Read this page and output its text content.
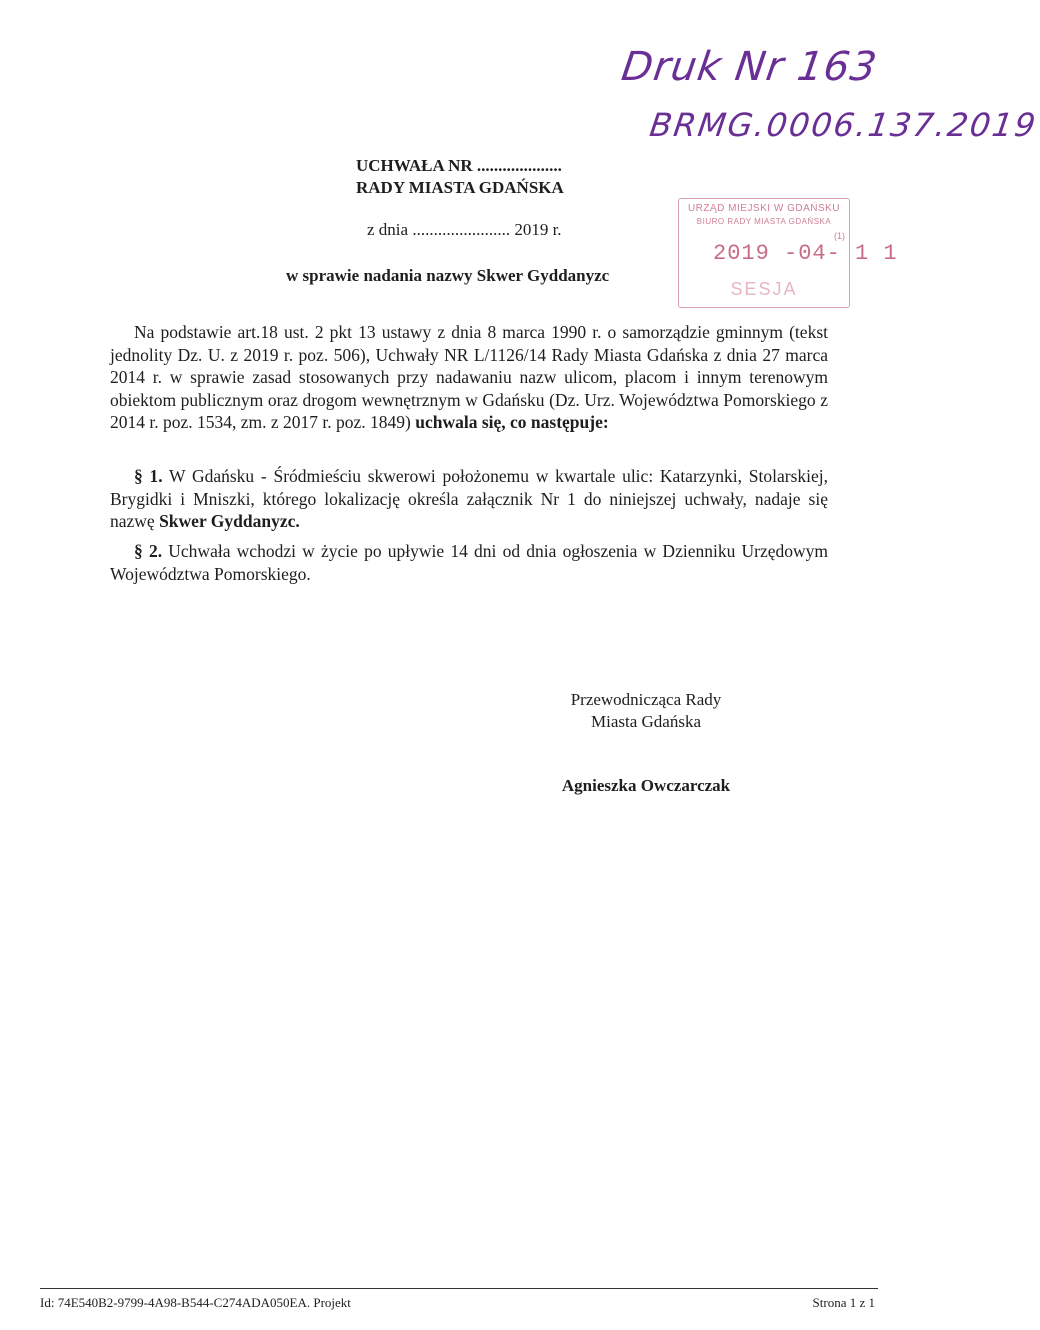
Druk Nr 163
BRMG.0006.137.2019
URZĄD MIEJSKI W GDAŃSKU
BIURO RADY MIASTA GDAŃSKA
(1)
2019 -04- 1 1
SESJA
UCHWAŁA NR ....................
RADY MIASTA GDAŃSKA
z dnia ....................... 2019 r.
w sprawie nadania nazwy Skwer Gyddanyzc
Na podstawie art.18 ust. 2 pkt 13 ustawy z dnia 8 marca 1990 r. o samorządzie gminnym (tekst jednolity Dz. U. z 2019 r. poz. 506), Uchwały NR L/1126/14 Rady Miasta Gdańska z dnia 27 marca 2014 r. w sprawie zasad stosowanych przy nadawaniu nazw ulicom, placom i innym terenowym obiektom publicznym oraz drogom wewnętrznym w Gdańsku (Dz. Urz. Województwa Pomorskiego z 2014 r. poz. 1534, zm. z 2017 r. poz. 1849) uchwala się, co następuje:
§ 1. W Gdańsku - Śródmieściu skwerowi położonemu w kwartale ulic: Katarzynki, Stolarskiej, Brygidki i Mniszki, którego lokalizację określa załącznik Nr 1 do niniejszej uchwały, nadaje się nazwę Skwer Gyddanyzc.
§ 2. Uchwała wchodzi w życie po upływie 14 dni od dnia ogłoszenia w Dzienniku Urzędowym Województwa Pomorskiego.
Przewodnicząca Rady
Miasta Gdańska
Agnieszka Owczarczak
Id: 74E540B2-9799-4A98-B544-C274ADA050EA. Projekt	Strona 1 z 1
